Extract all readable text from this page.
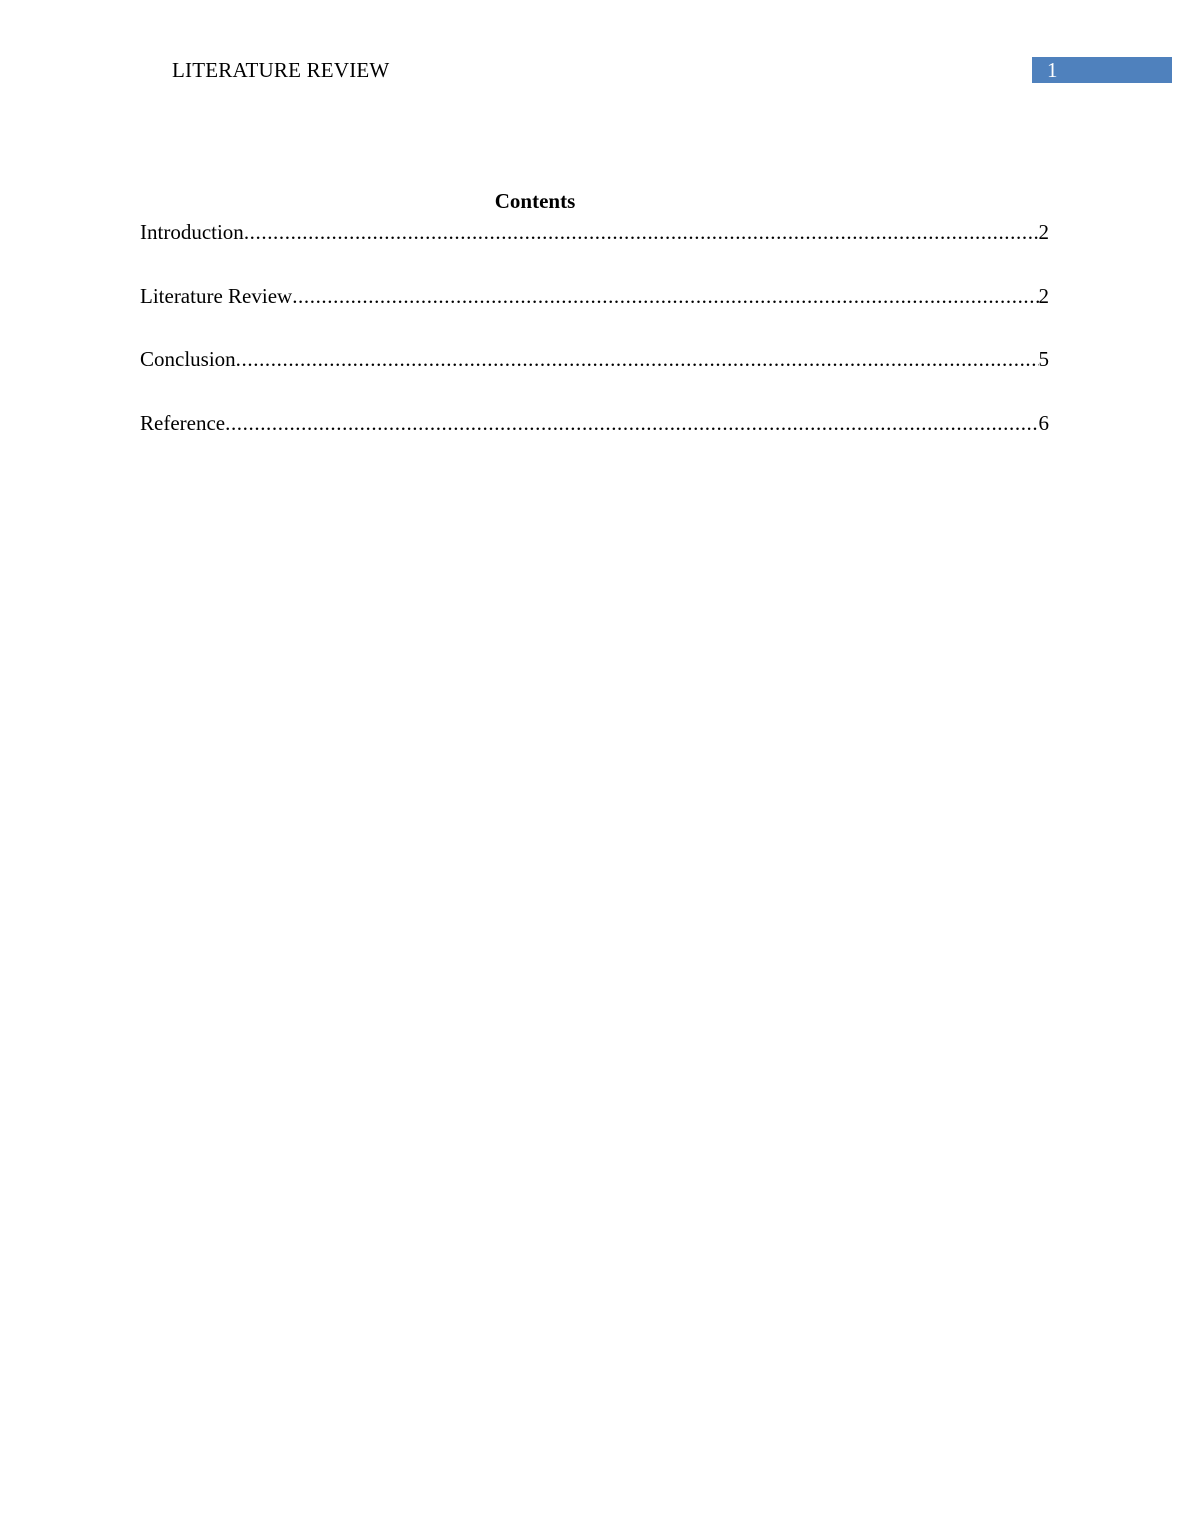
LITERATURE REVIEW	1
Contents
Introduction .....	2
Literature Review .....	2
Conclusion .....	5
Reference .....	6
